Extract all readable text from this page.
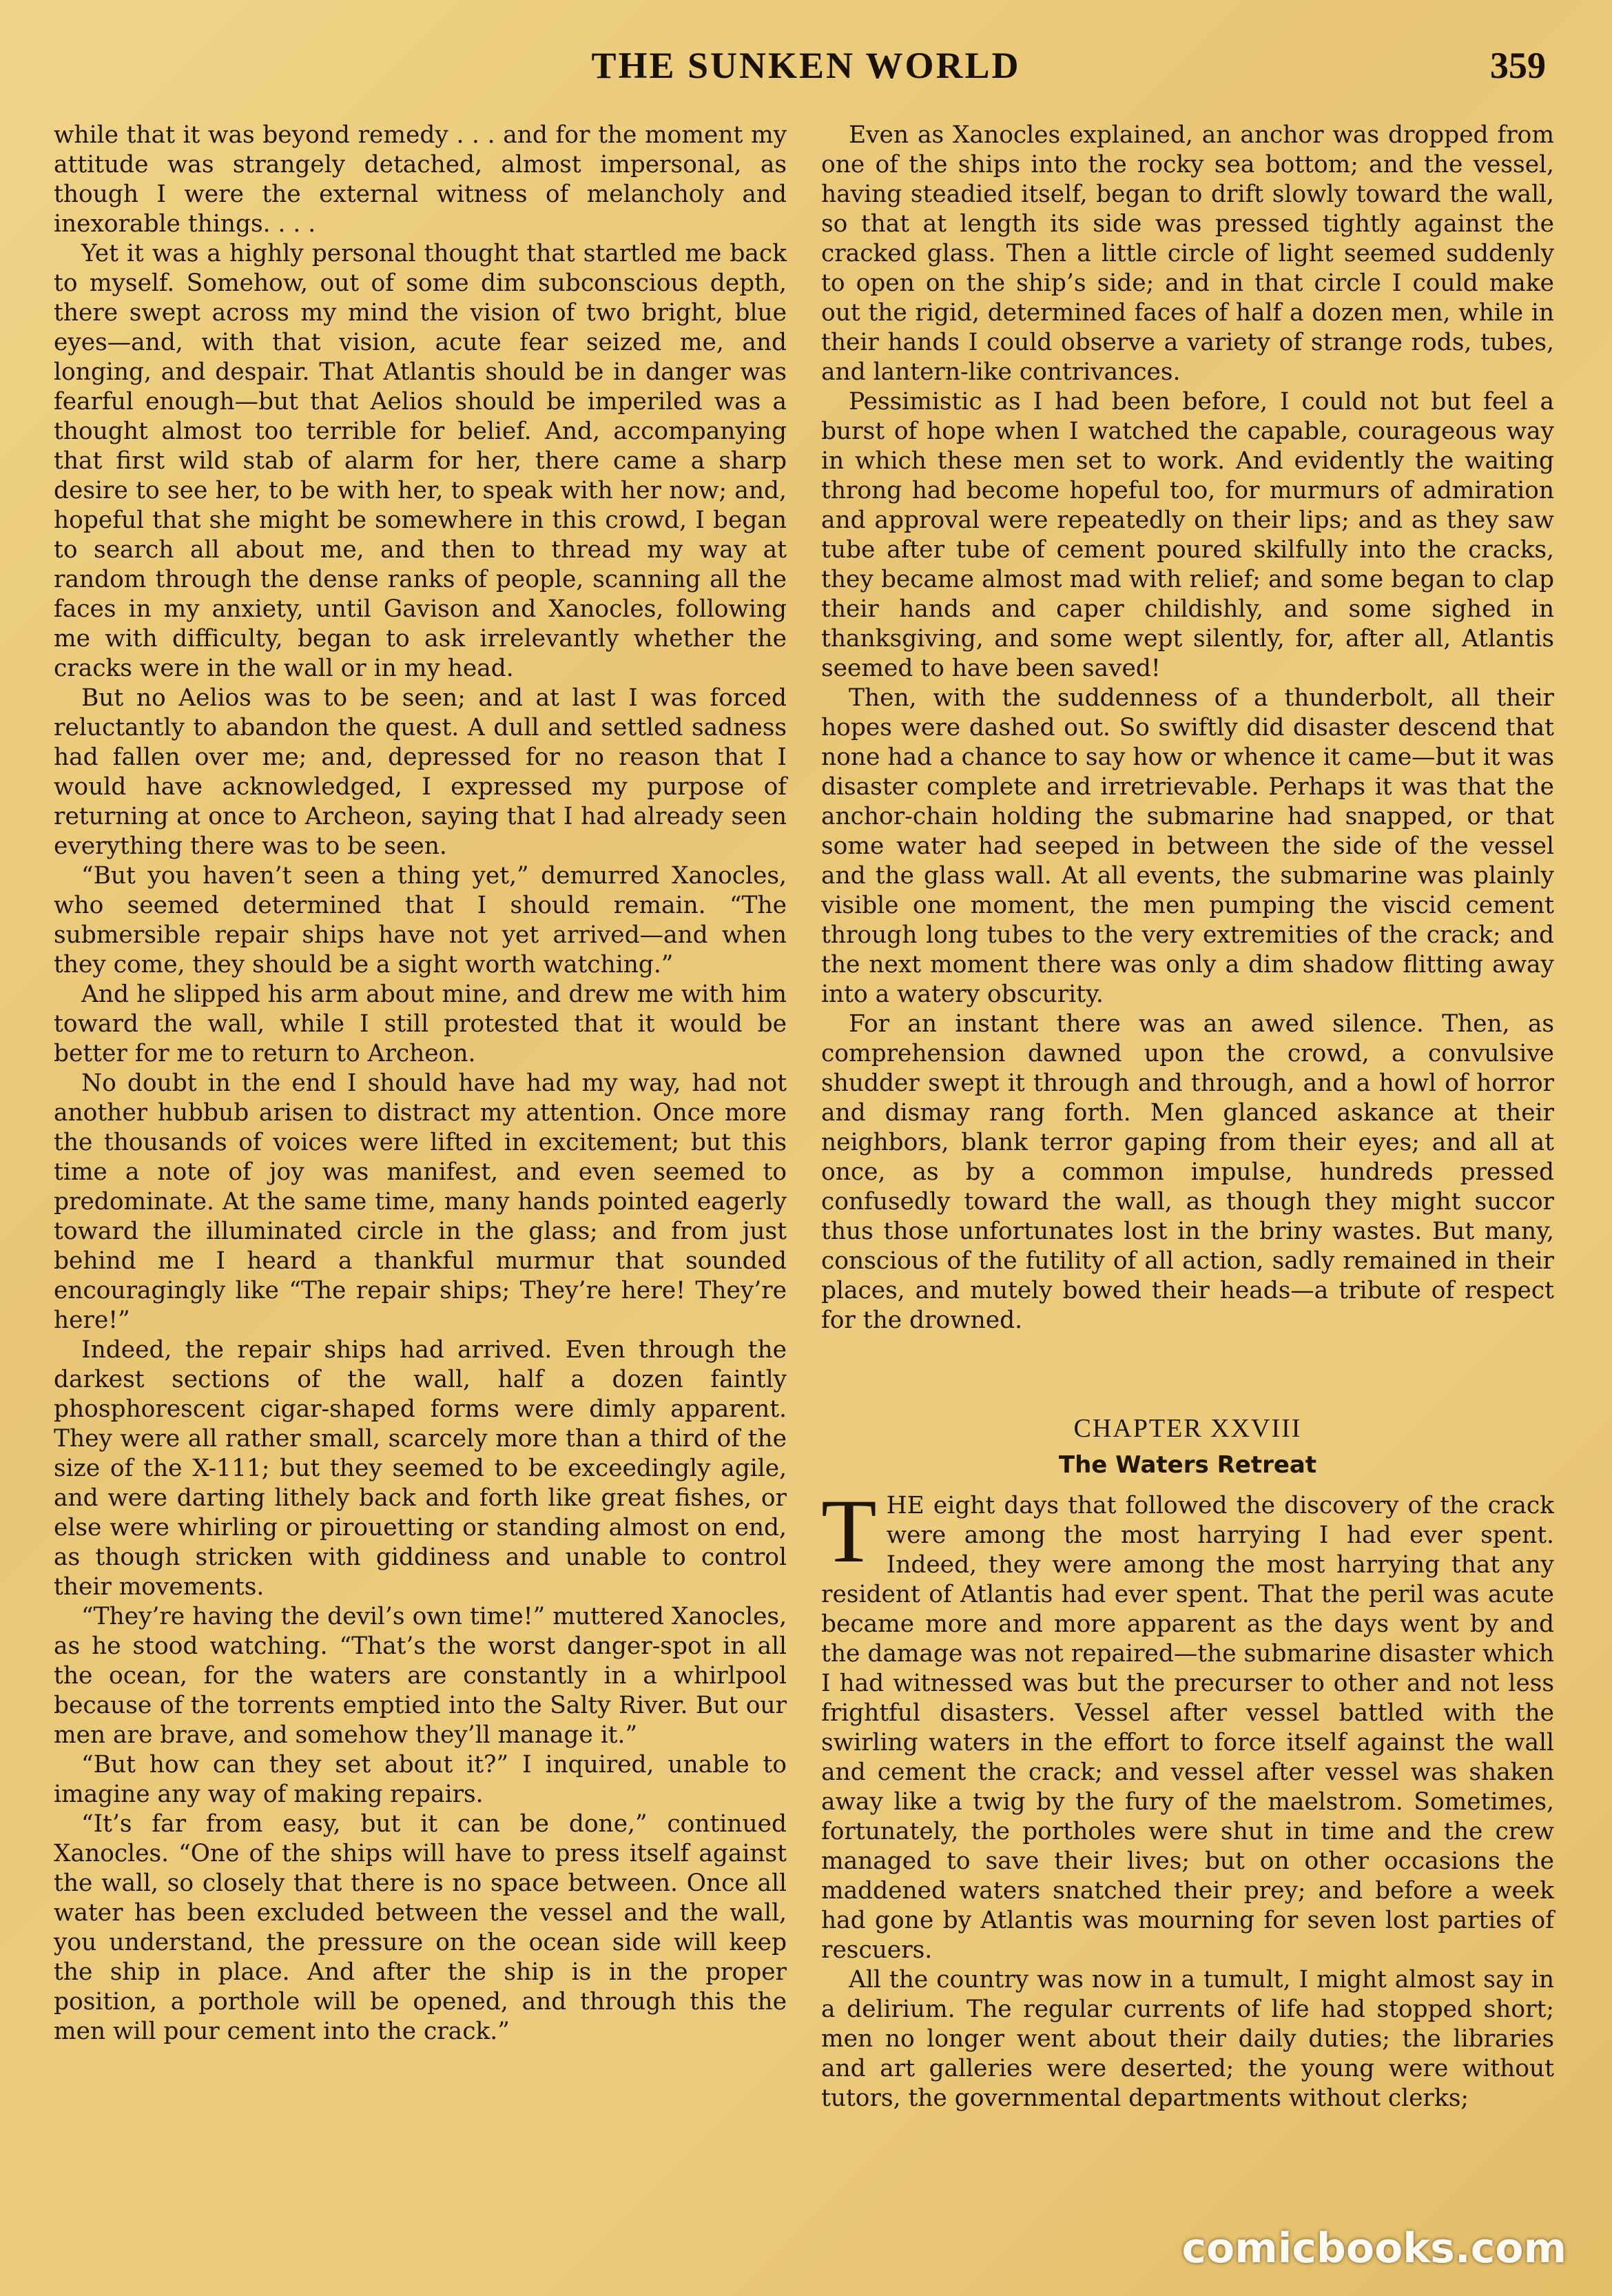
THE SUNKEN WORLD	359

while that it was beyond remedy . . . and for the moment my attitude was strangely detached, almost impersonal, as though I were the external witness of melancholy and inexorable things. . . .

Yet it was a highly personal thought that startled me back to myself. Somehow, out of some dim subconscious depth, there swept across my mind the vision of two bright, blue eyes—and, with that vision, acute fear seized me, and longing, and despair. That Atlantis should be in danger was fearful enough—but that Aelios should be imperiled was a thought almost too terrible for belief. And, accompanying that first wild stab of alarm for her, there came a sharp desire to see her, to be with her, to speak with her now; and, hopeful that she might be somewhere in this crowd, I began to search all about me, and then to thread my way at random through the dense ranks of people, scanning all the faces in my anxiety, until Gavison and Xanocles, following me with difficulty, began to ask irrelevantly whether the cracks were in the wall or in my head.

But no Aelios was to be seen; and at last I was forced reluctantly to abandon the quest. A dull and settled sadness had fallen over me; and, depressed for no reason that I would have acknowledged, I expressed my purpose of returning at once to Archeon, saying that I had already seen everything there was to be seen.

“But you haven’t seen a thing yet,” demurred Xanocles, who seemed determined that I should remain. “The submersible repair ships have not yet arrived—and when they come, they should be a sight worth watching.”

And he slipped his arm about mine, and drew me with him toward the wall, while I still protested that it would be better for me to return to Archeon.

No doubt in the end I should have had my way, had not another hubbub arisen to distract my attention. Once more the thousands of voices were lifted in excitement; but this time a note of joy was manifest, and even seemed to predominate. At the same time, many hands pointed eagerly toward the illuminated circle in the glass; and from just behind me I heard a thankful murmur that sounded encouragingly like “The repair ships; They’re here! They’re here!”

Indeed, the repair ships had arrived. Even through the darkest sections of the wall, half a dozen faintly phosphorescent cigar-shaped forms were dimly apparent. They were all rather small, scarcely more than a third of the size of the X-111; but they seemed to be exceedingly agile, and were darting lithely back and forth like great fishes, or else were whirling or pirouetting or standing almost on end, as though stricken with giddiness and unable to control their movements.

“They’re having the devil’s own time!” muttered Xanocles, as he stood watching. “That’s the worst danger-spot in all the ocean, for the waters are constantly in a whirlpool because of the torrents emptied into the Salty River. But our men are brave, and somehow they’ll manage it.”

“But how can they set about it?” I inquired, unable to imagine any way of making repairs.

“It’s far from easy, but it can be done,” continued Xanocles. “One of the ships will have to press itself against the wall, so closely that there is no space between. Once all water has been excluded between the vessel and the wall, you understand, the pressure on the ocean side will keep the ship in place. And after the ship is in the proper position, a porthole will be opened, and through this the men will pour cement into the crack.”

Even as Xanocles explained, an anchor was dropped from one of the ships into the rocky sea bottom; and the vessel, having steadied itself, began to drift slowly toward the wall, so that at length its side was pressed tightly against the cracked glass. Then a little circle of light seemed suddenly to open on the ship’s side; and in that circle I could make out the rigid, determined faces of half a dozen men, while in their hands I could observe a variety of strange rods, tubes, and lantern-like contrivances.

Pessimistic as I had been before, I could not but feel a burst of hope when I watched the capable, courageous way in which these men set to work. And evidently the waiting throng had become hopeful too, for murmurs of admiration and approval were repeatedly on their lips; and as they saw tube after tube of cement poured skilfully into the cracks, they became almost mad with relief; and some began to clap their hands and caper childishly, and some sighed in thanksgiving, and some wept silently, for, after all, Atlantis seemed to have been saved!

Then, with the suddenness of a thunderbolt, all their hopes were dashed out. So swiftly did disaster descend that none had a chance to say how or whence it came—but it was disaster complete and irretrievable. Perhaps it was that the anchor-chain holding the submarine had snapped, or that some water had seeped in between the side of the vessel and the glass wall. At all events, the submarine was plainly visible one moment, the men pumping the viscid cement through long tubes to the very extremities of the crack; and the next moment there was only a dim shadow flitting away into a watery obscurity.

For an instant there was an awed silence. Then, as comprehension dawned upon the crowd, a convulsive shudder swept it through and through, and a howl of horror and dismay rang forth. Men glanced askance at their neighbors, blank terror gaping from their eyes; and all at once, as by a common impulse, hundreds pressed confusedly toward the wall, as though they might succor thus those unfortunates lost in the briny wastes. But many, conscious of the futility of all action, sadly remained in their places, and mutely bowed their heads—a tribute of respect for the drowned.

CHAPTER XXVIII
The Waters Retreat

THE eight days that followed the discovery of the crack were among the most harrying I had ever spent. Indeed, they were among the most harrying that any resident of Atlantis had ever spent. That the peril was acute became more and more apparent as the days went by and the damage was not repaired—the submarine disaster which I had witnessed was but the precurser to other and not less frightful disasters. Vessel after vessel battled with the swirling waters in the effort to force itself against the wall and cement the crack; and vessel after vessel was shaken away like a twig by the fury of the maelstrom. Sometimes, fortunately, the portholes were shut in time and the crew managed to save their lives; but on other occasions the maddened waters snatched their prey; and before a week had gone by Atlantis was mourning for seven lost parties of rescuers.

All the country was now in a tumult, I might almost say in a delirium. The regular currents of life had stopped short; men no longer went about their daily duties; the libraries and art galleries were deserted; the young were without tutors, the governmental departments without clerks;

comicbooks.com
